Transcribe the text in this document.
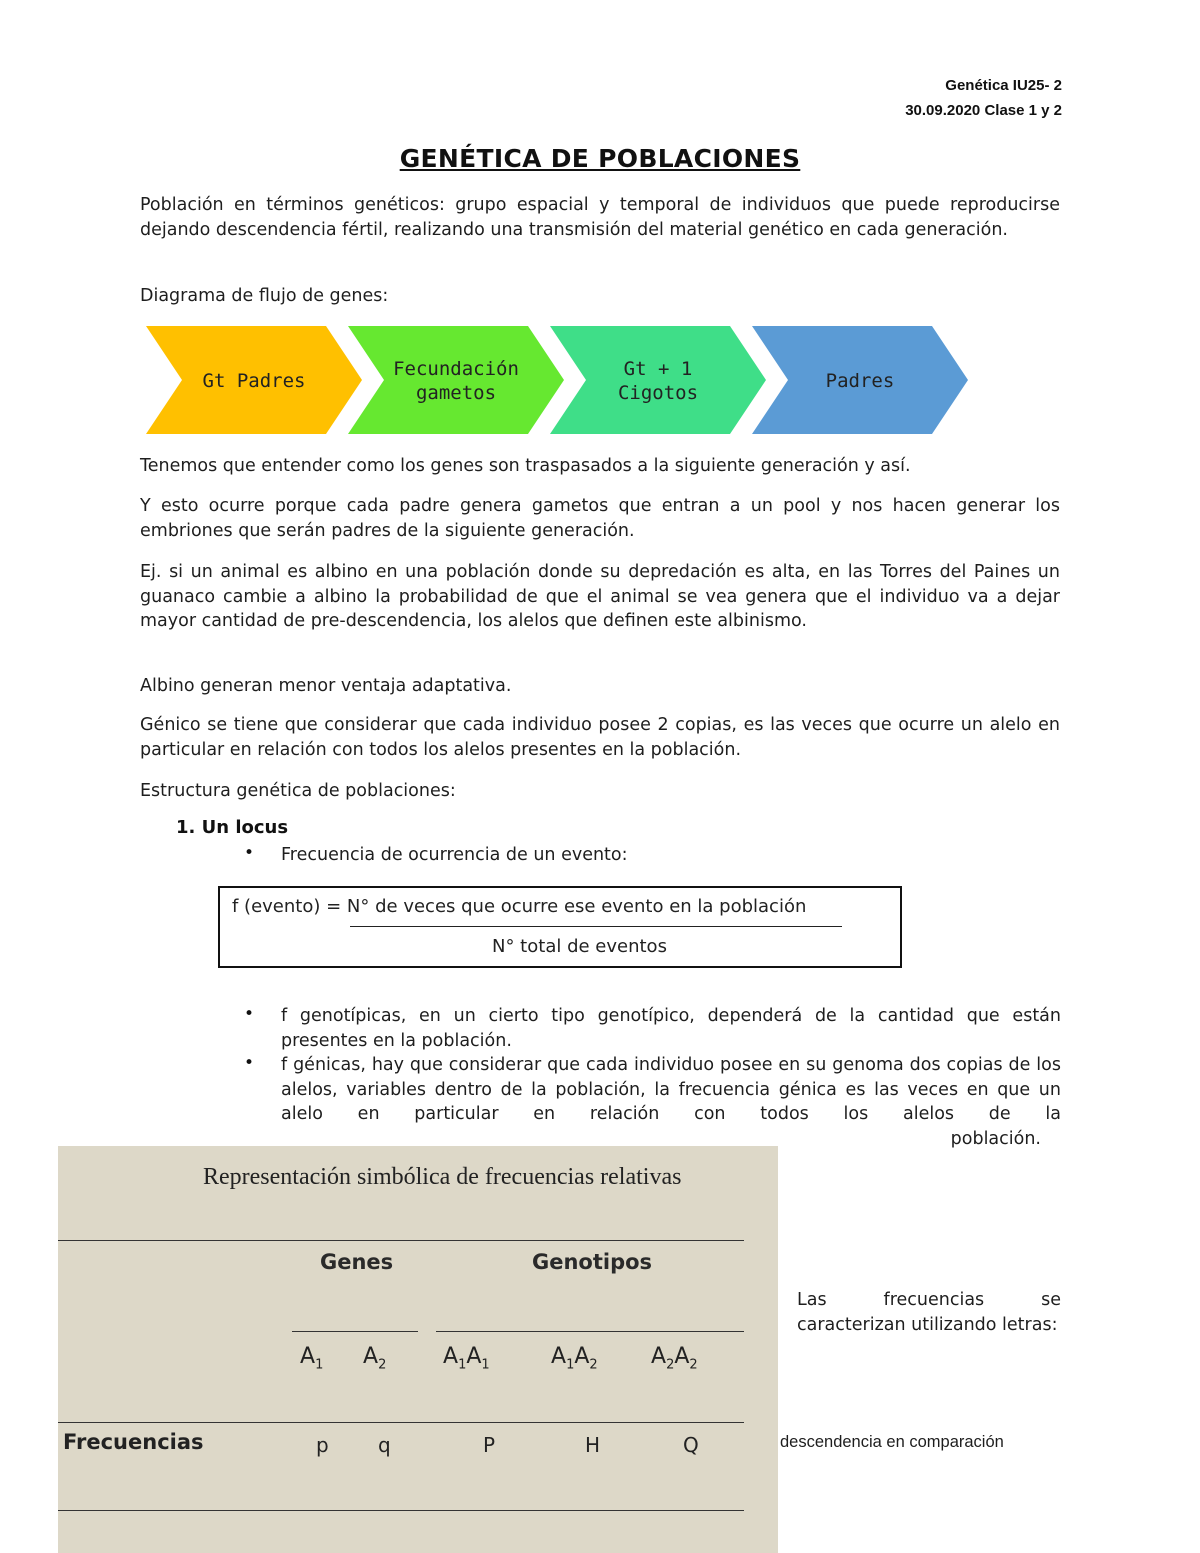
Genética IU25- 2
30.09.2020 Clase 1 y 2
GENÉTICA DE POBLACIONES

Población en términos genéticos: grupo espacial y temporal de individuos que puede reproducirse dejando descendencia fértil, realizando una transmisión del material genético en cada generación.

Diagrama de flujo de genes:

Gt Padres
Fecundación
gametos
Gt + 1
Cigotos
Padres

Tenemos que entender como los genes son traspasados a la siguiente generación y así.

Y esto ocurre porque cada padre genera gametos que entran a un pool y nos hacen generar los embriones que serán padres de la siguiente generación.

Ej. si un animal es albino en una población donde su depredación es alta, en las Torres del Paines un guanaco cambie a albino la probabilidad de que el animal se vea genera que el individuo va a dejar mayor cantidad de pre-descendencia, los alelos que definen este albinismo.

Albino generan menor ventaja adaptativa.

Génico se tiene que considerar que cada individuo posee 2 copias, es las veces que ocurre un alelo en particular en relación con todos los alelos presentes en la población.

Estructura genética de poblaciones:

1. Un locus
• Frecuencia de ocurrencia de un evento:

f (evento) = N° de veces que ocurre ese evento en la población
N° total de eventos
• f genotípicas, en un cierto tipo genotípico, dependerá de la cantidad que están presentes en la población.

• f génicas, hay que considerar que cada individuo posee en su genoma dos copias de los alelos, variables dentro de la población, la frecuencia génica es las veces en que un alelo en particular en relación con todos los alelos de la

población.
Representación simbólica de frecuencias relativas
Genes	Genotipos
$A_1$ $A_2$	$A_1A_1$	$A_1A_2$ $A_2A_2$
Frecuencias	p q	P	H	Q
Las frecuencias se caracterizan utilizando letras:
descendencia en comparación
